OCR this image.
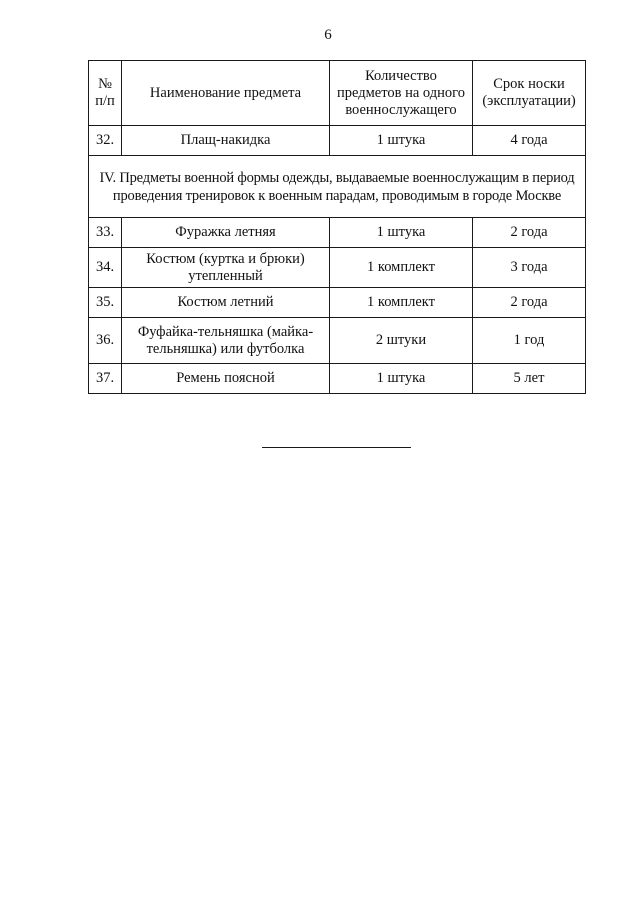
6
№ п/п	Наименование предмета	Количество предметов на одного военнослужащего	Срок носки (эксплуатации)
32.	Плащ-накидка	1 штука	4 года
IV. Предметы военной формы одежды, выдаваемые военнослужащим в период проведения тренировок к военным парадам, проводимым в городе Москве			
33.	Фуражка летняя	1 штука	2 года
34.	Костюм (куртка и брюки) утепленный	1 комплект	3 года
35.	Костюм летний	1 комплект	2 года
36.	Фуфайка-тельняшка (майка-тельняшка) или футболка	2 штуки	1 год
37.	Ремень поясной	1 штука	5 лет
